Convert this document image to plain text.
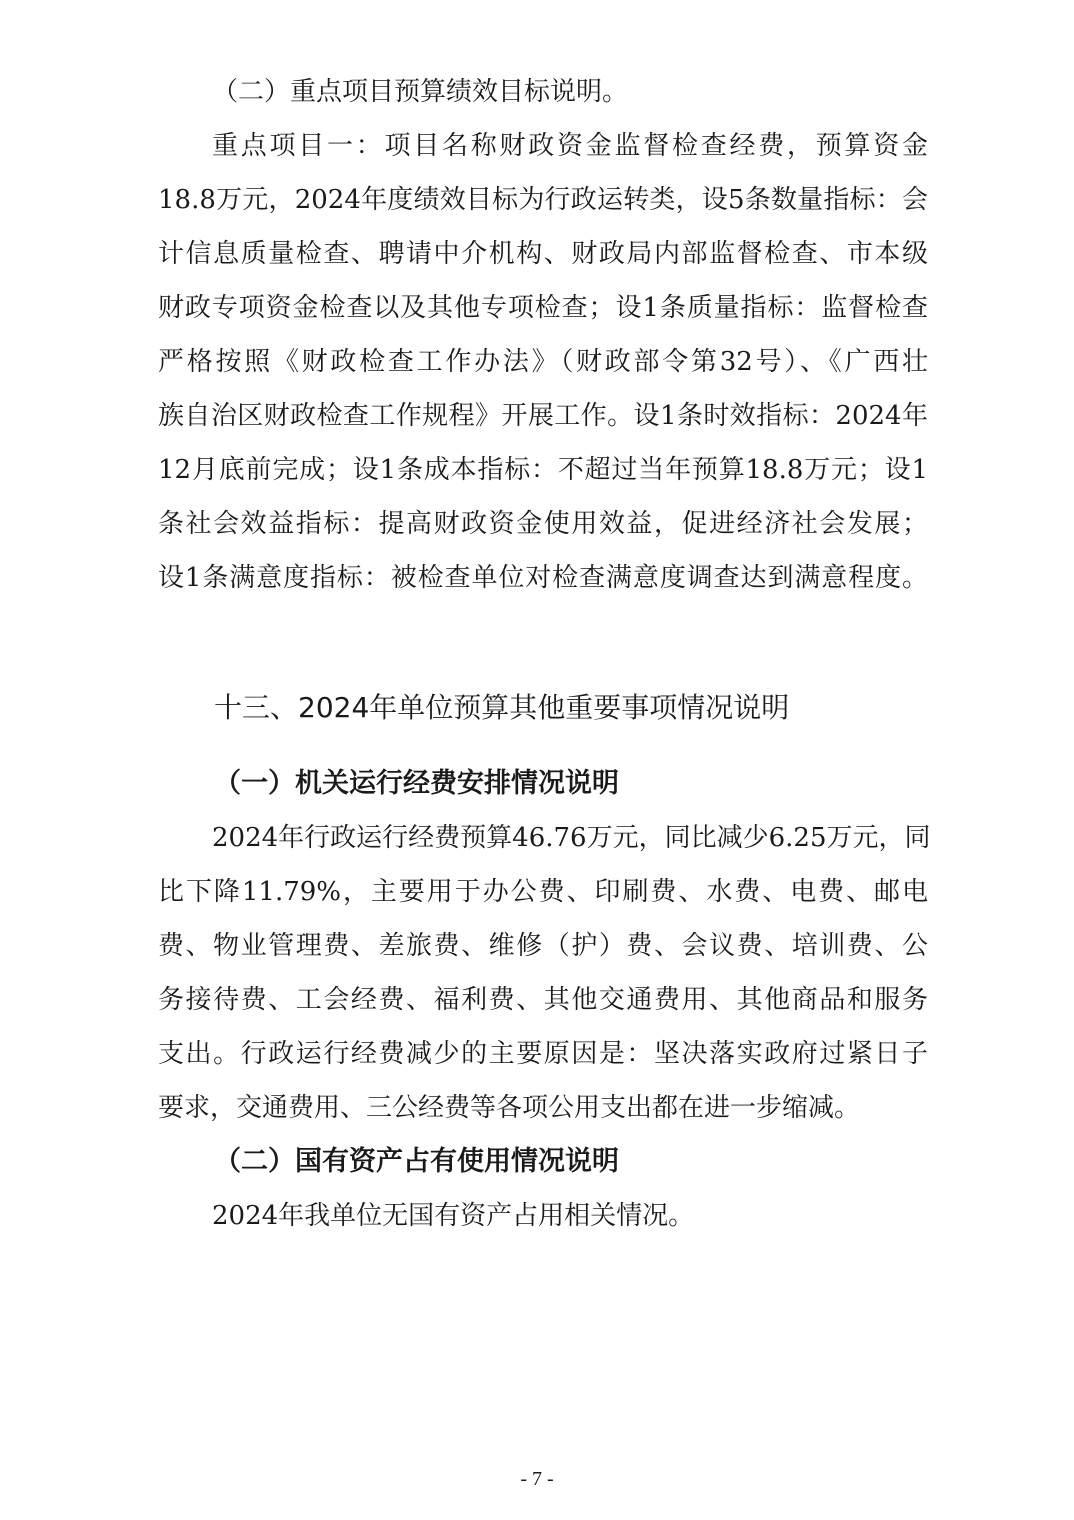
（二）重点项目预算绩效目标说明。
重点项目一：项目名称财政资金监督检查经费，预算资金
18.8万元，2024年度绩效目标为行政运转类，设5条数量指标：会
计信息质量检查、聘请中介机构、财政局内部监督检查、市本级
财政专项资金检查以及其他专项检查；设1条质量指标：监督检查
严格按照《财政检查工作办法》（财政部令第32号）、《广西壮
族自治区财政检查工作规程》开展工作。设1条时效指标：2024年
12月底前完成；设1条成本指标：不超过当年预算18.8万元；设1
条社会效益指标：提高财政资金使用效益，促进经济社会发展；
设1条满意度指标：被检查单位对检查满意度调查达到满意程度。
十三、2024年单位预算其他重要事项情况说明
（一）机关运行经费安排情况说明
2024年行政运行经费预算46.76万元，同比减少6.25万元，同
比下降11.79%，主要用于办公费、印刷费、水费、电费、邮电
费、物业管理费、差旅费、维修（护）费、会议费、培训费、公
务接待费、工会经费、福利费、其他交通费用、其他商品和服务
支出。行政运行经费减少的主要原因是：坚决落实政府过紧日子
要求，交通费用、三公经费等各项公用支出都在进一步缩减。
（二）国有资产占有使用情况说明
2024年我单位无国有资产占用相关情况。
- 7 -
